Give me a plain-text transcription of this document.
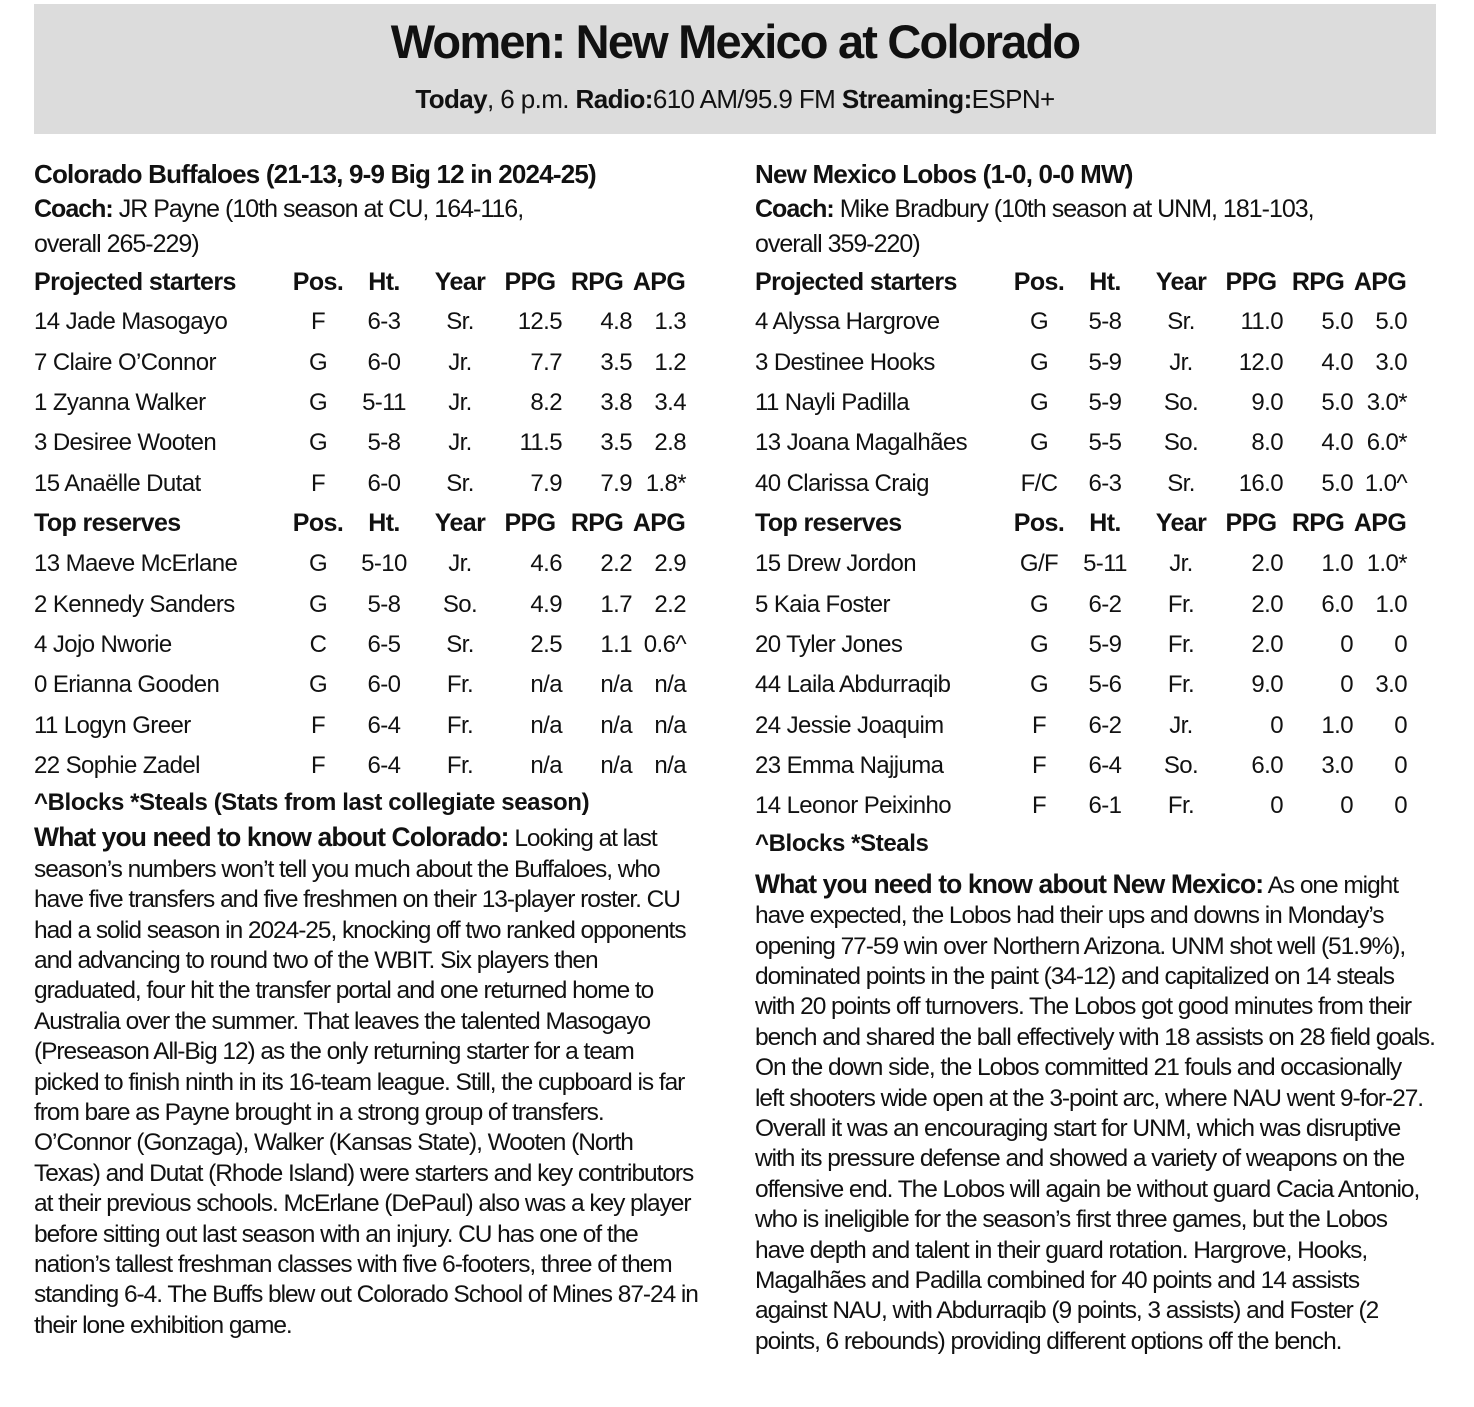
Women: New Mexico at Colorado
Today, 6 p.m. Radio:610 AM/95.9 FM Streaming:ESPN+
Colorado Buffaloes (21-13, 9-9 Big 12 in 2024-25)
Coach: JR Payne (10th season at CU, 164-116,
overall 265-229)
Projected starters	Pos.	Ht.	Year	PPG	RPG	APG
14 Jade Masogayo	F	6-3	Sr.	12.5	4.8	1.3
7 Claire O’Connor	G	6-0	Jr.	7.7	3.5	1.2
1 Zyanna Walker	G	5-11	Jr.	8.2	3.8	3.4
3 Desiree Wooten	G	5-8	Jr.	11.5	3.5	2.8
15 Anaëlle Dutat	F	6-0	Sr.	7.9	7.9	1.8*
Top reserves	Pos.	Ht.	Year	PPG	RPG	APG
13 Maeve McErlane	G	5-10	Jr.	4.6	2.2	2.9
2 Kennedy Sanders	G	5-8	So.	4.9	1.7	2.2
4 Jojo Nworie	C	6-5	Sr.	2.5	1.1	0.6^
0 Erianna Gooden	G	6-0	Fr.	n/a	n/a	n/a
11 Logyn Greer	F	6-4	Fr.	n/a	n/a	n/a
22 Sophie Zadel	F	6-4	Fr.	n/a	n/a	n/a
^Blocks *Steals (Stats from last collegiate season)
What you need to know about Colorado: Looking at last season’s numbers won’t tell you much about the Buffaloes, who have five transfers and five freshmen on their 13-player roster. CU had a solid season in 2024-25, knocking off two ranked opponents and advancing to round two of the WBIT. Six players then graduated, four hit the transfer portal and one returned home to Australia over the summer. That leaves the talented Masogayo (Preseason All-Big 12) as the only returning starter for a team picked to finish ninth in its 16-team league. Still, the cupboard is far from bare as Payne brought in a strong group of transfers. O’Connor (Gonzaga), Walker (Kansas State), Wooten (North Texas) and Dutat (Rhode Island) were starters and key contributors at their previous schools. McErlane (DePaul) also was a key player before sitting out last season with an injury. CU has one of the nation’s tallest freshman classes with five 6-footers, three of them standing 6-4. The Buffs blew out Colorado School of Mines 87-24 in their lone exhibition game.
New Mexico Lobos (1-0, 0-0 MW)
Coach: Mike Bradbury (10th season at UNM, 181-103,
overall 359-220)
Projected starters	Pos.	Ht.	Year	PPG	RPG	APG
4 Alyssa Hargrove	G	5-8	Sr.	11.0	5.0	5.0
3 Destinee Hooks	G	5-9	Jr.	12.0	4.0	3.0
11 Nayli Padilla	G	5-9	So.	9.0	5.0	3.0*
13 Joana Magalhães	G	5-5	So.	8.0	4.0	6.0*
40 Clarissa Craig	F/C	6-3	Sr.	16.0	5.0	1.0^
Top reserves	Pos.	Ht.	Year	PPG	RPG	APG
15 Drew Jordon	G/F	5-11	Jr.	2.0	1.0	1.0*
5 Kaia Foster	G	6-2	Fr.	2.0	6.0	1.0
20 Tyler Jones	G	5-9	Fr.	2.0	0	0
44 Laila Abdurraqib	G	5-6	Fr.	9.0	0	3.0
24 Jessie Joaquim	F	6-2	Jr.	0	1.0	0
23 Emma Najjuma	F	6-4	So.	6.0	3.0	0
14 Leonor Peixinho	F	6-1	Fr.	0	0	0
^Blocks *Steals
What you need to know about New Mexico: As one might have expected, the Lobos had their ups and downs in Monday’s opening 77-59 win over Northern Arizona. UNM shot well (51.9%), dominated points in the paint (34-12) and capitalized on 14 steals with 20 points off turnovers. The Lobos got good minutes from their bench and shared the ball effectively with 18 assists on 28 field goals. On the down side, the Lobos committed 21 fouls and occasionally left shooters wide open at the 3-point arc, where NAU went 9-for-27. Overall it was an encouraging start for UNM, which was disruptive with its pressure defense and showed a variety of weapons on the offensive end. The Lobos will again be without guard Cacia Antonio, who is ineligible for the season’s first three games, but the Lobos have depth and talent in their guard rotation. Hargrove, Hooks, Magalhães and Padilla combined for 40 points and 14 assists against NAU, with Abdurraqib (9 points, 3 assists) and Foster (2 points, 6 rebounds) providing different options off the bench.
